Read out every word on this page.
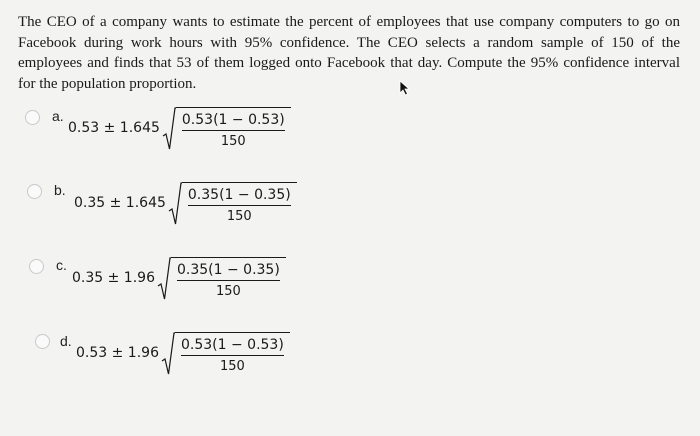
The CEO of a company wants to estimate the percent of employees that use company computers to go on Facebook during work hours with 95% confidence. The CEO selects a random sample of 150 of the employees and finds that 53 of them logged onto Facebook that day. Compute the 95% confidence interval for the population proportion.
a.
$0.53 \pm 1.645 \frac{0.53(1 - 0.53)}{150}$
b.
$0.35 \pm 1.645 \frac{0.35(1 - 0.35)}{150}$
c.
$0.35 \pm 1.96 \frac{0.35(1 - 0.35)}{150}$
d.
$0.53 \pm 1.96 \frac{0.53(1 - 0.53)}{150}$
